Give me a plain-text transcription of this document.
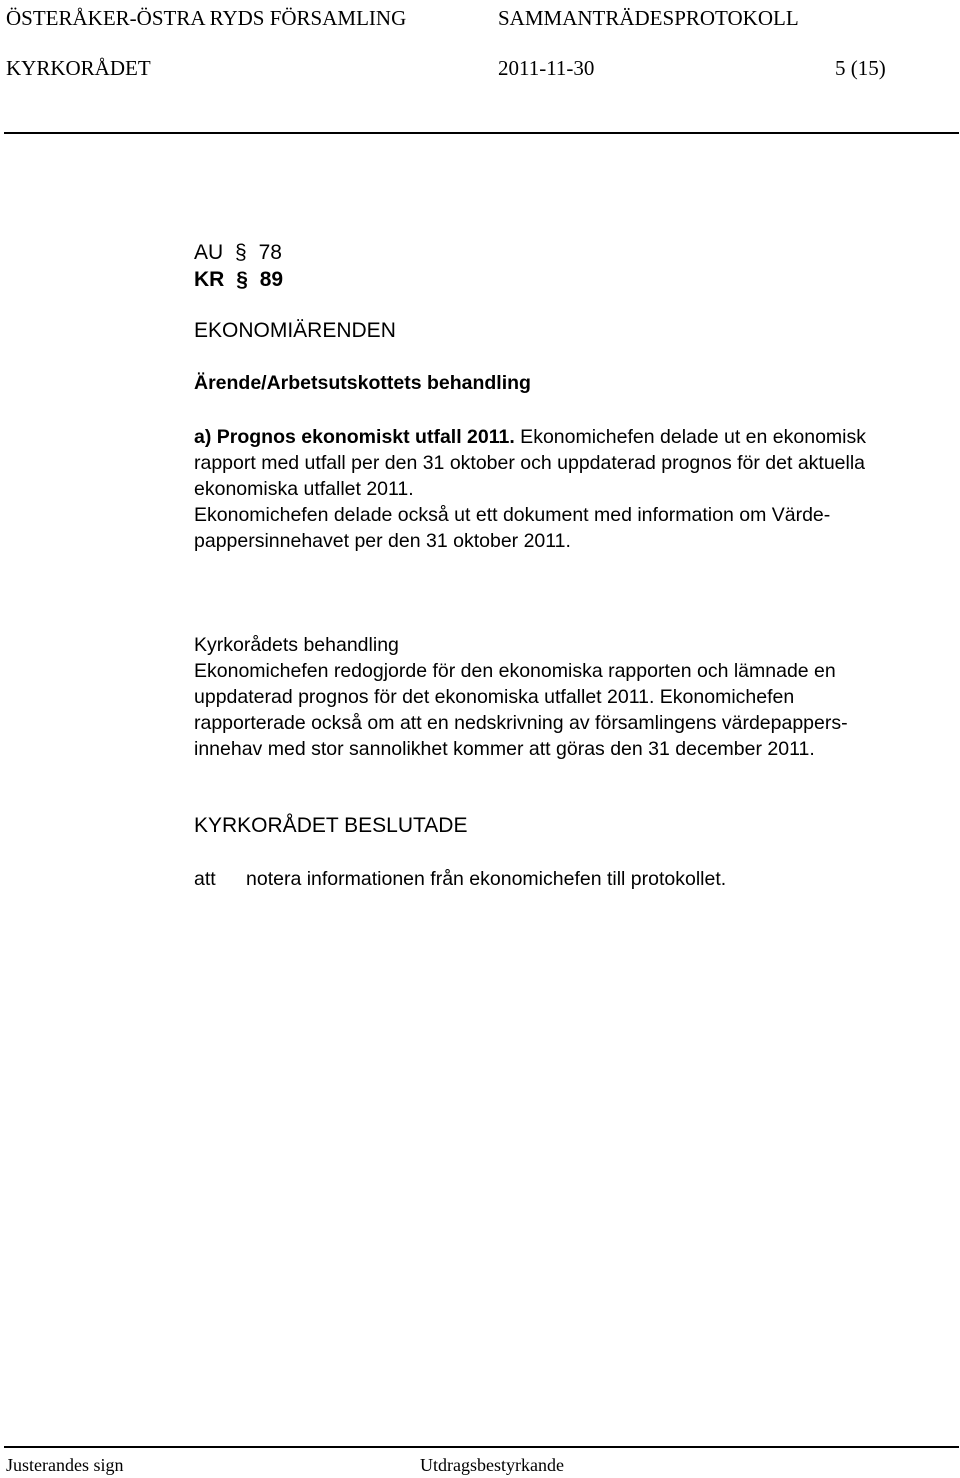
ÖSTERÅKER-ÖSTRA RYDS FÖRSAMLING	SAMMANTRÄDESPROTOKOLL
KYRKORÅDET	2011-11-30	5 (15)
AU § 78
KR § 89
EKONOMIÄRENDEN
Ärende/Arbetsutskottets behandling
a) Prognos ekonomiskt utfall 2011. Ekonomichefen delade ut en ekonomisk
rapport med utfall per den 31 oktober och uppdaterad prognos för det aktuella
ekonomiska utfallet 2011.
Ekonomichefen delade också ut ett dokument med information om Värde-
pappersinnehavet per den 31 oktober 2011.
Kyrkorådets behandling
Ekonomichefen redogjorde för den ekonomiska rapporten och lämnade en
uppdaterad prognos för det ekonomiska utfallet 2011. Ekonomichefen
rapporterade också om att en nedskrivning av församlingens värdepappers-
innehav med stor sannolikhet kommer att göras den 31 december 2011.
KYRKORÅDET BESLUTADE
att notera informationen från ekonomichefen till protokollet.
Justerandes sign	Utdragsbestyrkande
